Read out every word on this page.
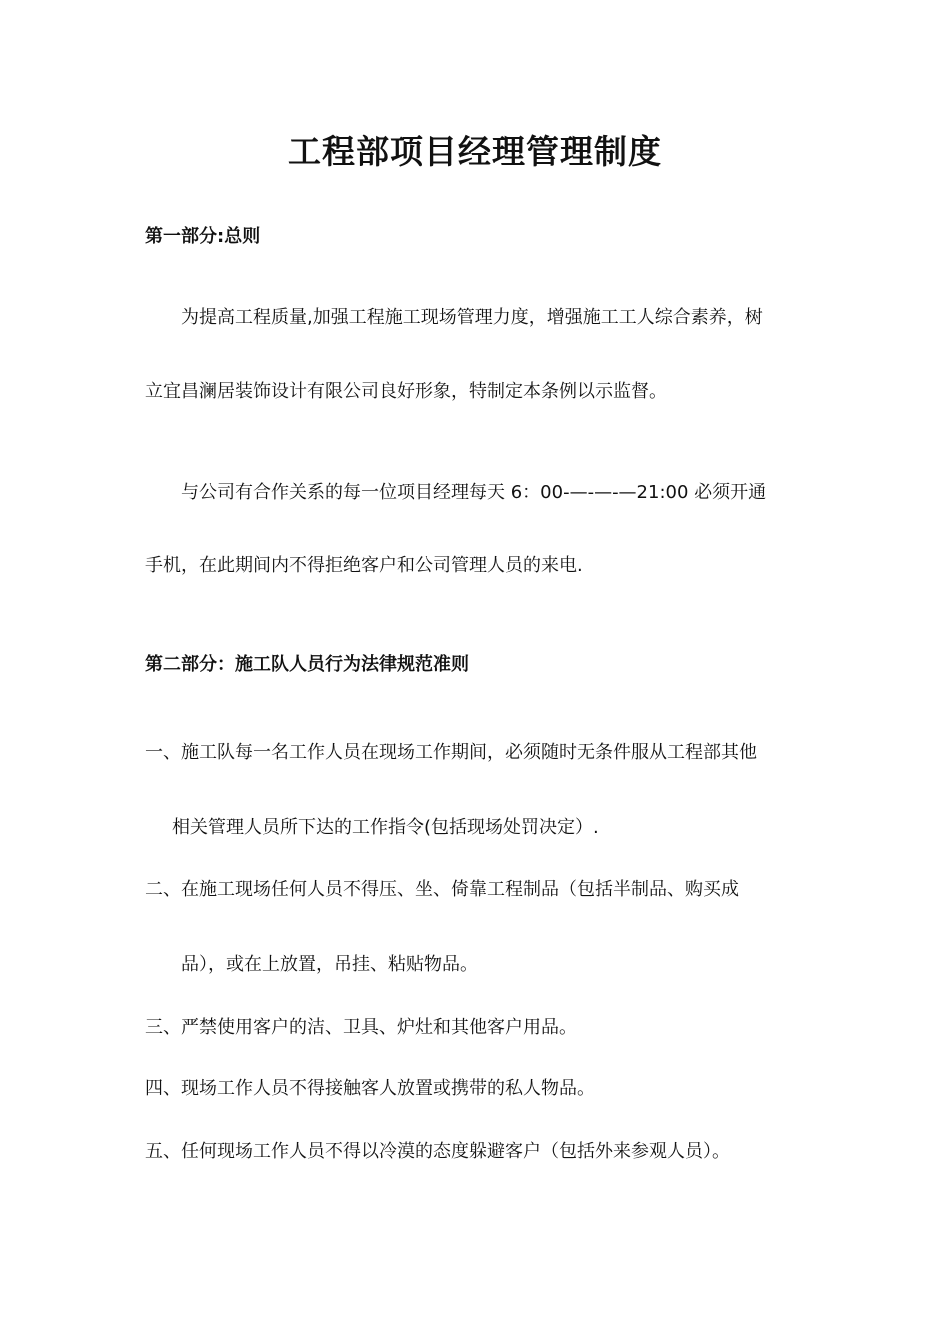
工程部项目经理管理制度
第一部分:总则
为提高工程质量,加强工程施工现场管理力度，增强施工工人综合素养，树
立宜昌澜居装饰设计有限公司良好形象，特制定本条例以示监督。
与公司有合作关系的每一位项目经理每天 6：00-—-—-—21:00 必须开通
手机，在此期间内不得拒绝客户和公司管理人员的来电.
第二部分：施工队人员行为法律规范准则
一、施工队每一名工作人员在现场工作期间，必须随时无条件服从工程部其他
相关管理人员所下达的工作指令(包括现场处罚决定）.
二、在施工现场任何人员不得压、坐、倚靠工程制品（包括半制品、购买成
品），或在上放置，吊挂、粘贴物品。
三、严禁使用客户的洁、卫具、炉灶和其他客户用品。
四、现场工作人员不得接触客人放置或携带的私人物品。
五、任何现场工作人员不得以冷漠的态度躲避客户（包括外来参观人员）。
